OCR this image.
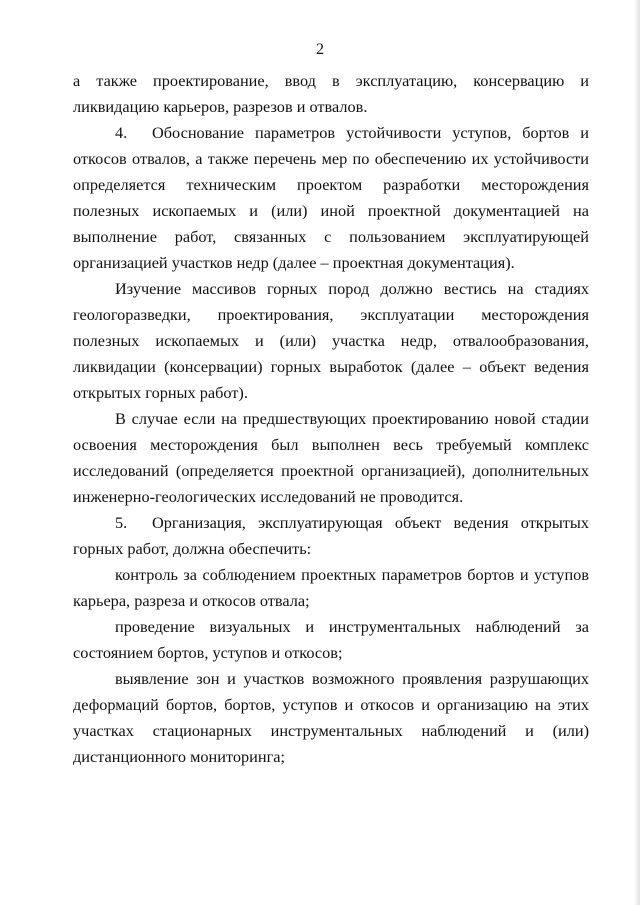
2

а также проектирование, ввод в эксплуатацию, консервацию и ликвидацию карьеров, разрезов и отвалов.

4. Обоснование параметров устойчивости уступов, бортов и откосов отвалов, а также перечень мер по обеспечению их устойчивости определяется техническим проектом разработки месторождения полезных ископаемых и (или) иной проектной документацией на выполнение работ, связанных с пользованием эксплуатирующей организацией участков недр (далее – проектная документация).

Изучение массивов горных пород должно вестись на стадиях геологоразведки, проектирования, эксплуатации месторождения полезных ископаемых и (или) участка недр, отвалообразования, ликвидации (консервации) горных выработок (далее – объект ведения открытых горных работ).

В случае если на предшествующих проектированию новой стадии освоения месторождения был выполнен весь требуемый комплекс исследований (определяется проектной организацией), дополнительных инженерно-геологических исследований не проводится.

5. Организация, эксплуатирующая объект ведения открытых горных работ, должна обеспечить:

контроль за соблюдением проектных параметров бортов и уступов карьера, разреза и откосов отвала;

проведение визуальных и инструментальных наблюдений за состоянием бортов, уступов и откосов;

выявление зон и участков возможного проявления разрушающих деформаций бортов, бортов, уступов и откосов и организацию на этих участках стационарных инструментальных наблюдений и (или) дистанционного мониторинга;
